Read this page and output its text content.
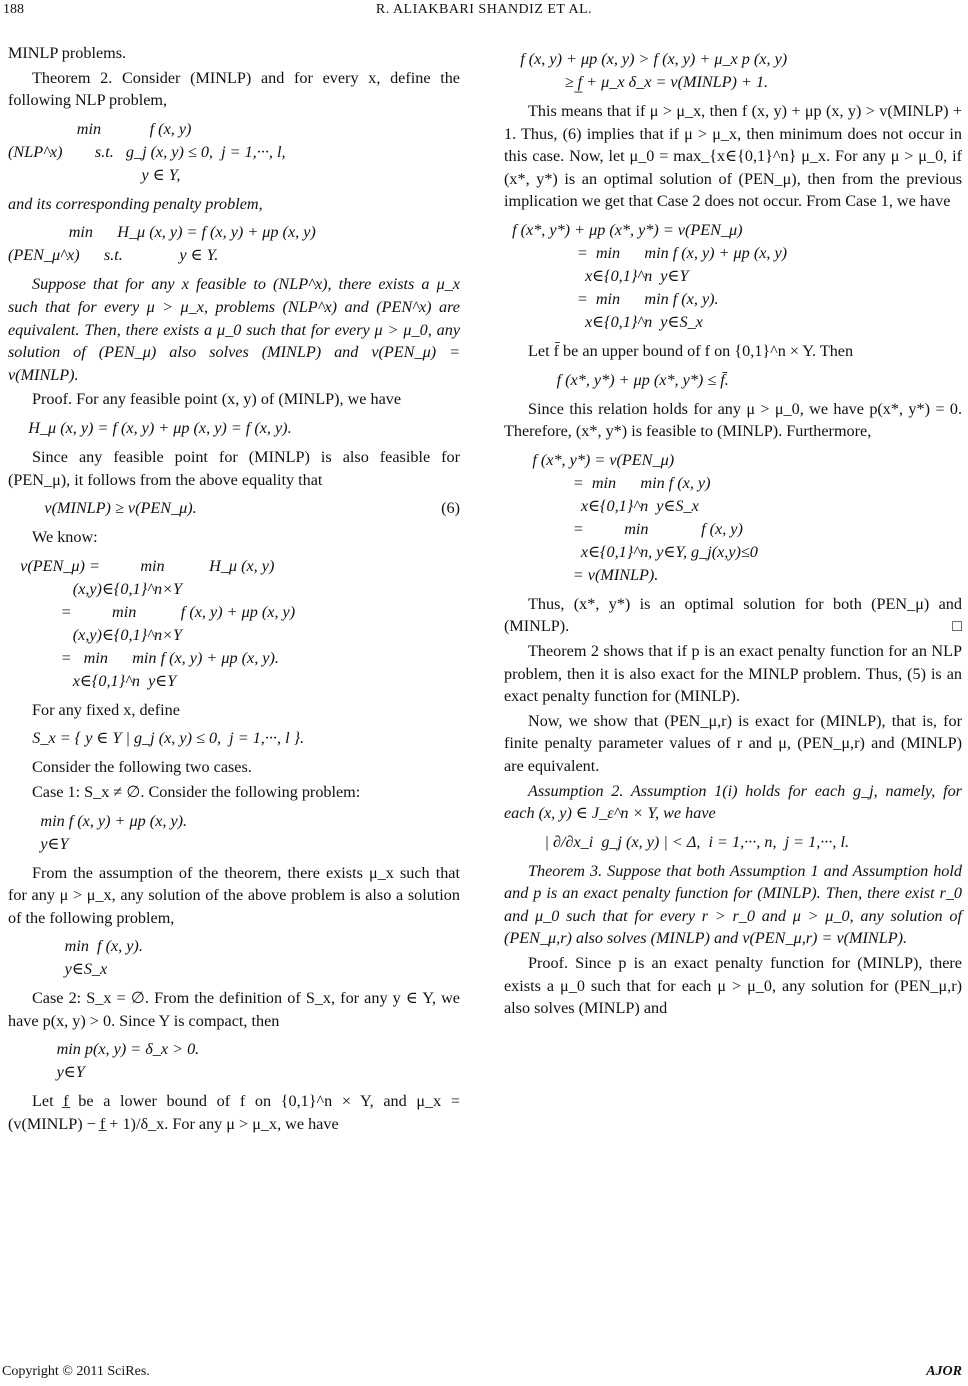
188	R. ALIAKBARI SHANDIZ ET AL.

MINLP problems.

Theorem 2. Consider (MINLP) and for every x, define the following NLP problem,

min            f (x, y)
(NLP^x)        s.t.   g_j (x, y) ≤ 0,  j = 1,···, l,
y ∈ Y,

and its corresponding penalty problem,

min      H_μ (x, y) = f (x, y) + μp (x, y)
(PEN_μ^x)      s.t.              y ∈ Y.

Suppose that for any x feasible to (NLP^x), there exists a μ_x such that for every μ > μ_x, problems (NLP^x) and (PEN^x) are equivalent. Then, there exists a μ_0 such that for every μ > μ_0, any solution of (PEN_μ) also solves (MINLP) and v(PEN_μ) = v(MINLP).

Proof. For any feasible point (x, y) of (MINLP), we have

H_μ (x, y) = f (x, y) + μp (x, y) = f (x, y).

Since any feasible point for (MINLP) is also feasible for (PEN_μ), it follows from the above equality that

(6)
v(MINLP) ≥ v(PEN_μ).

We know:

v(PEN_μ) =          min           H_μ (x, y)
(x,y)∈{0,1}^n×Y
=          min           f (x, y) + μp (x, y)
(x,y)∈{0,1}^n×Y
=   min      min f (x, y) + μp (x, y).
x∈{0,1}^n  y∈Y

For any fixed x, define

S_x = { y ∈ Y | g_j (x, y) ≤ 0,  j = 1,···, l }.

Consider the following two cases.

Case 1: S_x ≠ ∅. Consider the following problem:

min f (x, y) + μp (x, y).
y∈Y

From the assumption of the theorem, there exists μ_x such that for any μ > μ_x, any solution of the above problem is also a solution of the following problem,

min  f (x, y).
y∈S_x

Case 2: S_x = ∅. From the definition of S_x, for any y ∈ Y, we have p(x, y) > 0. Since Y is compact, then

min p(x, y) = δ_x > 0.
y∈Y

Let f̲ be a lower bound of f on {0,1}^n × Y, and μ_x = (v(MINLP) − f̲ + 1)/δ_x. For any μ > μ_x, we have

f (x, y) + μp (x, y) > f (x, y) + μ_x p (x, y)
≥ f̲ + μ_x δ_x = v(MINLP) + 1.

This means that if μ > μ_x, then f (x, y) + μp (x, y) > v(MINLP) + 1. Thus, (6) implies that if μ > μ_x, then minimum does not occur in this case. Now, let μ_0 = max_{x∈{0,1}^n} μ_x. For any μ > μ_0, if (x*, y*) is an optimal solution of (PEN_μ), then from the previous implication we get that Case 2 does not occur. From Case 1, we have

f (x*, y*) + μp (x*, y*) = v(PEN_μ)
=  min      min f (x, y) + μp (x, y)
x∈{0,1}^n  y∈Y
=  min      min f (x, y).
x∈{0,1}^n  y∈S_x

Let f̄ be an upper bound of f on {0,1}^n × Y. Then

f (x*, y*) + μp (x*, y*) ≤ f̄.

Since this relation holds for any μ > μ_0, we have p(x*, y*) = 0. Therefore, (x*, y*) is feasible to (MINLP). Furthermore,

f (x*, y*) = v(PEN_μ)
=  min      min f (x, y)
x∈{0,1}^n  y∈S_x
=          min             f (x, y)
x∈{0,1}^n, y∈Y, g_j(x,y)≤0
= v(MINLP).

Thus, (x*, y*) is an optimal solution for both (PEN_μ) and (MINLP).	□

Theorem 2 shows that if p is an exact penalty function for an NLP problem, then it is also exact for the MINLP problem. Thus, (5) is an exact penalty function for (MINLP).

Now, we show that (PEN_μ,r) is exact for (MINLP), that is, for finite penalty parameter values of r and μ, (PEN_μ,r) and (MINLP) are equivalent.

Assumption 2. Assumption 1(i) holds for each g_j, namely, for each (x, y) ∈ J_ε^n × Y, we have

| ∂/∂x_i  g_j (x, y) | < Δ,  i = 1,···, n,  j = 1,···, l.

Theorem 3. Suppose that both Assumption 1 and Assumption hold and p is an exact penalty function for (MINLP). Then, there exist r_0 and μ_0 such that for every r > r_0 and μ > μ_0, any solution of (PEN_μ,r) also solves (MINLP) and v(PEN_μ,r) = v(MINLP).

Proof. Since p is an exact penalty function for (MINLP), there exists a μ_0 such that for each μ > μ_0, any solution for (PEN_μ,r) also solves (MINLP) and

Copyright © 2011 SciRes.	AJOR
